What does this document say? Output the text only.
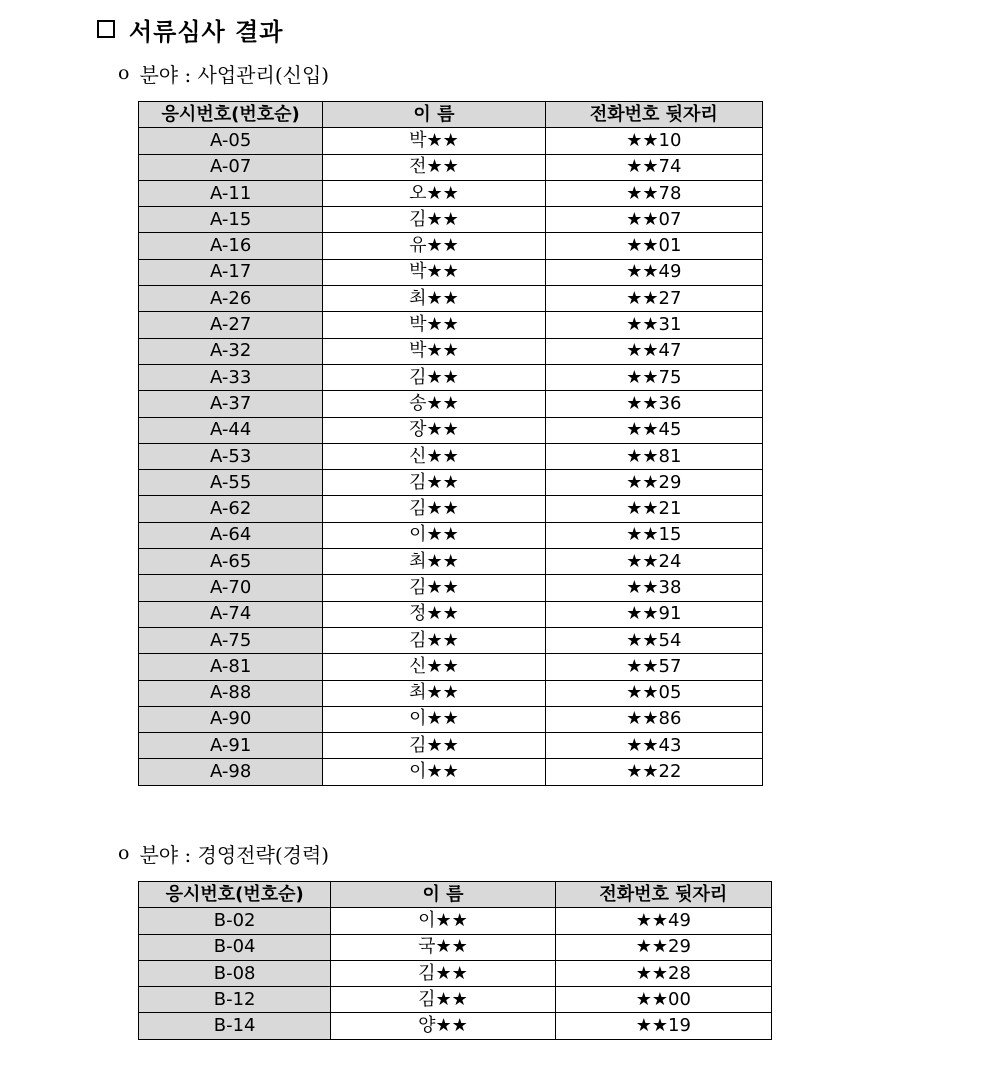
서류심사 결과
o 분야 : 사업관리(신입)
응시번호(번호순)	이 름	전화번호 뒷자리
A-05	박★★	★★10
A-07	전★★	★★74
A-11	오★★	★★78
A-15	김★★	★★07
A-16	유★★	★★01
A-17	박★★	★★49
A-26	최★★	★★27
A-27	박★★	★★31
A-32	박★★	★★47
A-33	김★★	★★75
A-37	송★★	★★36
A-44	장★★	★★45
A-53	신★★	★★81
A-55	김★★	★★29
A-62	김★★	★★21
A-64	이★★	★★15
A-65	최★★	★★24
A-70	김★★	★★38
A-74	정★★	★★91
A-75	김★★	★★54
A-81	신★★	★★57
A-88	최★★	★★05
A-90	이★★	★★86
A-91	김★★	★★43
A-98	이★★	★★22
o 분야 : 경영전략(경력)
응시번호(번호순)	이 름	전화번호 뒷자리
B-02	이★★	★★49
B-04	국★★	★★29
B-08	김★★	★★28
B-12	김★★	★★00
B-14	양★★	★★19
